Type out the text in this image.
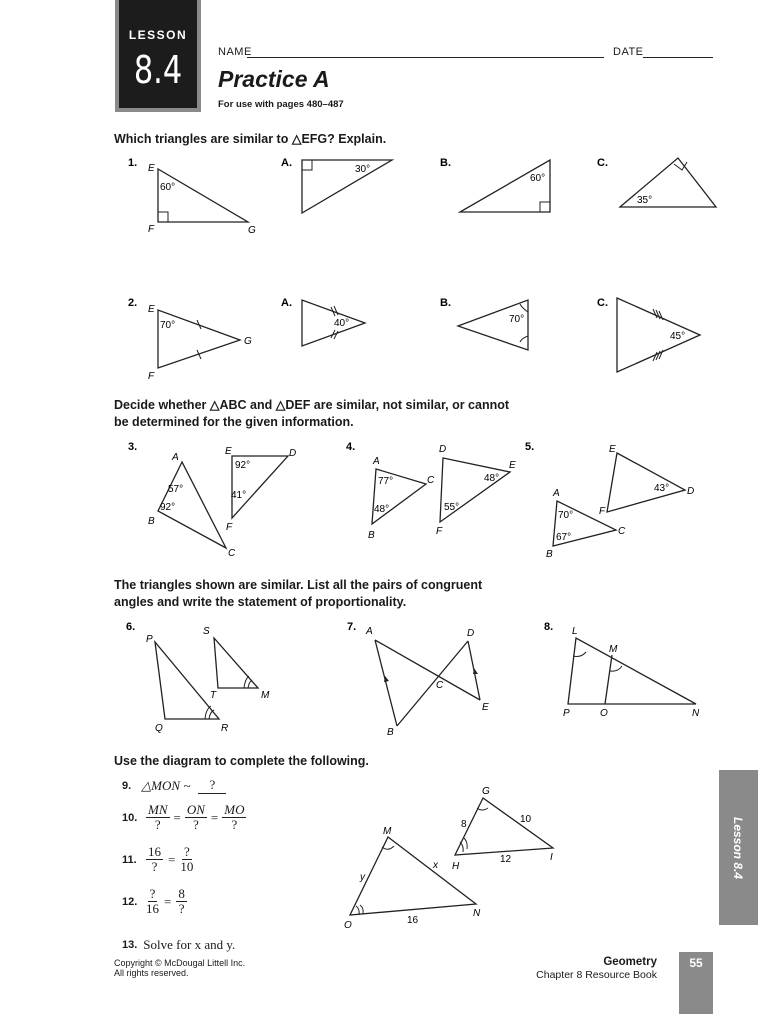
LESSON
8.4	NAME	DATE
Practice A
For use with pages 480–487
Which triangles are similar to △EFG? Explain.
1. E
F	G
60°
A.
30°
B.
60°
C.
35°
2.
E
F
G
70°
A.
40°
B.
70°
C.
45°
Decide whether △ABC and △DEF are similar, not similar, or cannot
be determined for the given information.
3.
A
B
C
57°
92°
E	D
F
92°
41°
4.
A
B
C
77°
48°
D
E
F
48°
55°
5.	E
D
F
43°
A
B
C
70°
67°
The triangles shown are similar. List all the pairs of congruent
angles and write the statement of proportionality.
6.
P
Q	R
S
T	M
7. A
B
C
D
E
8. L
M
N
O
P
Use the diagram to complete the following.
9. △MON ~	?
10. $\frac{MN}{?} = \frac{ON}{?} = \frac{MO}{?}$
11. $\frac{16}{?} = \frac{?}{10}$
12. $\frac{?}{16} = \frac{8}{?}$
13. Solve for x and y.
G
H
I
8	10
12
M
O
N
y
x
16
Lesson 8.4
Copyright © McDougal Littell Inc.
All rights reserved.
Geometry
Chapter 8 Resource Book
55
